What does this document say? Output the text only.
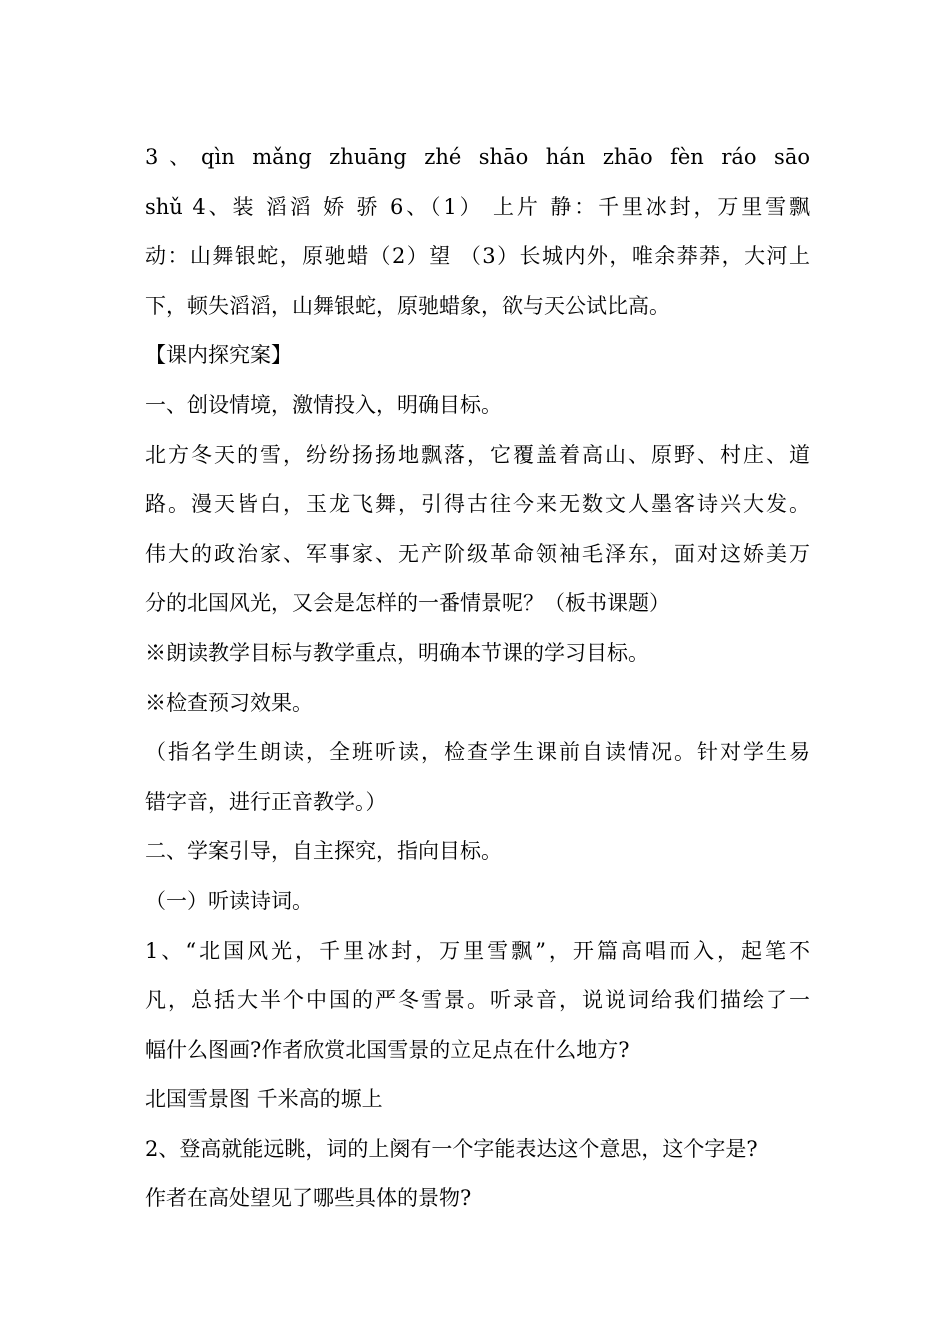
3、qìn mǎng zhuāng zhé shāo hán zhāo fèn ráo sāo
shǔ 4、装 滔滔 娇 骄 6、（1） 上片 静：千里冰封，万里雪飘
动：山舞银蛇，原驰蜡（2）望 （3）长城内外，唯余莽莽，大河上
下，顿失滔滔，山舞银蛇，原驰蜡象，欲与天公试比高。
【课内探究案】
一、创设情境，激情投入，明确目标。
北方冬天的雪，纷纷扬扬地飘落，它覆盖着高山、原野、村庄、道
路。漫天皆白，玉龙飞舞，引得古往今来无数文人墨客诗兴大发。
伟大的政治家、军事家、无产阶级革命领袖毛泽东，面对这娇美万
分的北国风光，又会是怎样的一番情景呢？（板书课题）
※朗读教学目标与教学重点，明确本节课的学习目标。
※检查预习效果。
（指名学生朗读，全班听读，检查学生课前自读情况。针对学生易
错字音，进行正音教学。）
二、学案引导，自主探究，指向目标。
（一）听读诗词。
1、“北国风光，千里冰封，万里雪飘”，开篇高唱而入，起笔不
凡，总括大半个中国的严冬雪景。听录音，说说词给我们描绘了一
幅什么图画?作者欣赏北国雪景的立足点在什么地方?
北国雪景图 千米高的塬上
2、登高就能远眺，词的上阕有一个字能表达这个意思，这个字是?
作者在高处望见了哪些具体的景物?
